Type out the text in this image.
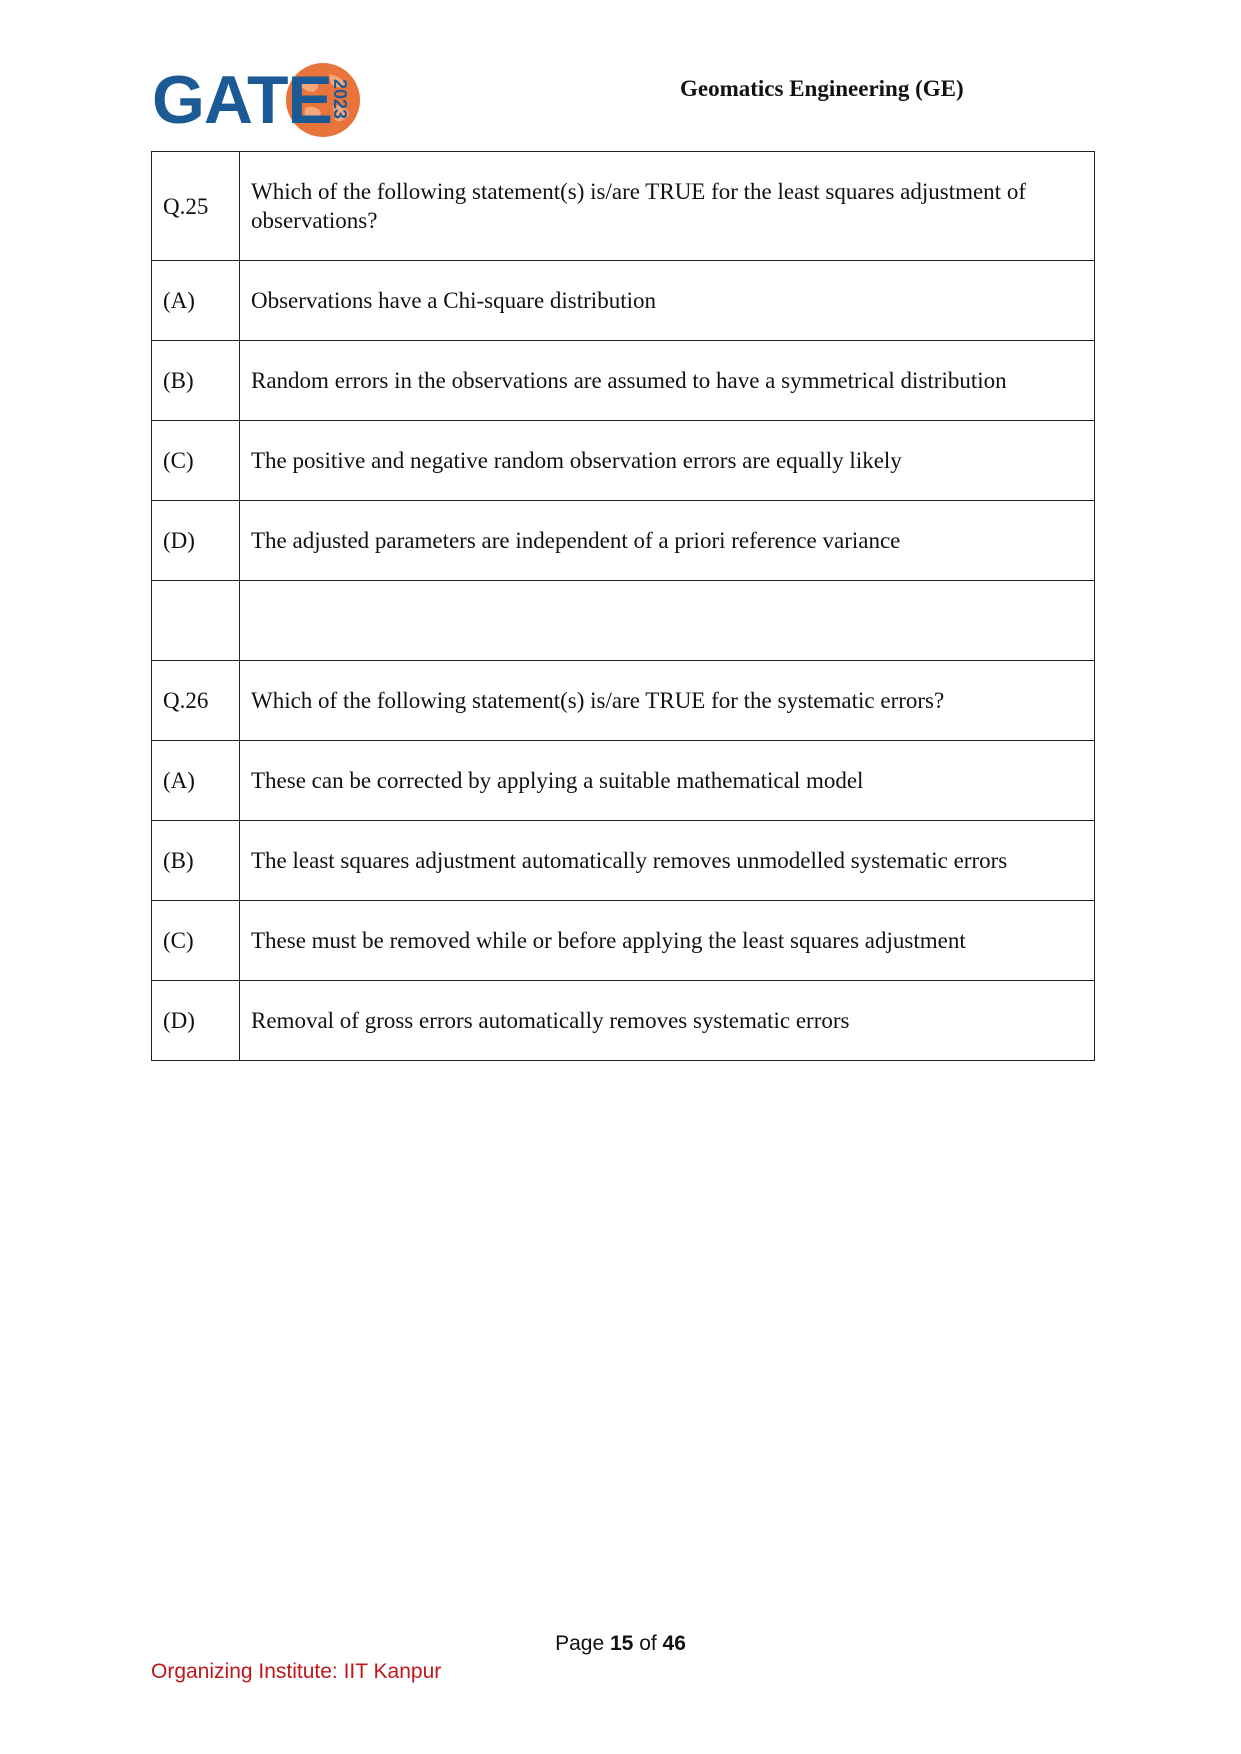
GATE
2023	Geomatics Engineering (GE)
Q.25	Which of the following statement(s) is/are TRUE for the least squares adjustment of observations?
(A)	Observations have a Chi-square distribution
(B)	Random errors in the observations are assumed to have a symmetrical distribution
(C)	The positive and negative random observation errors are equally likely
(D)	The adjusted parameters are independent of a priori reference variance

Q.26	Which of the following statement(s) is/are TRUE for the systematic errors?
(A)	These can be corrected by applying a suitable mathematical model
(B)	The least squares adjustment automatically removes unmodelled systematic errors
(C)	These must be removed while or before applying the least squares adjustment
(D)	Removal of gross errors automatically removes systematic errors
Page 15 of 46
Organizing Institute: IIT Kanpur
